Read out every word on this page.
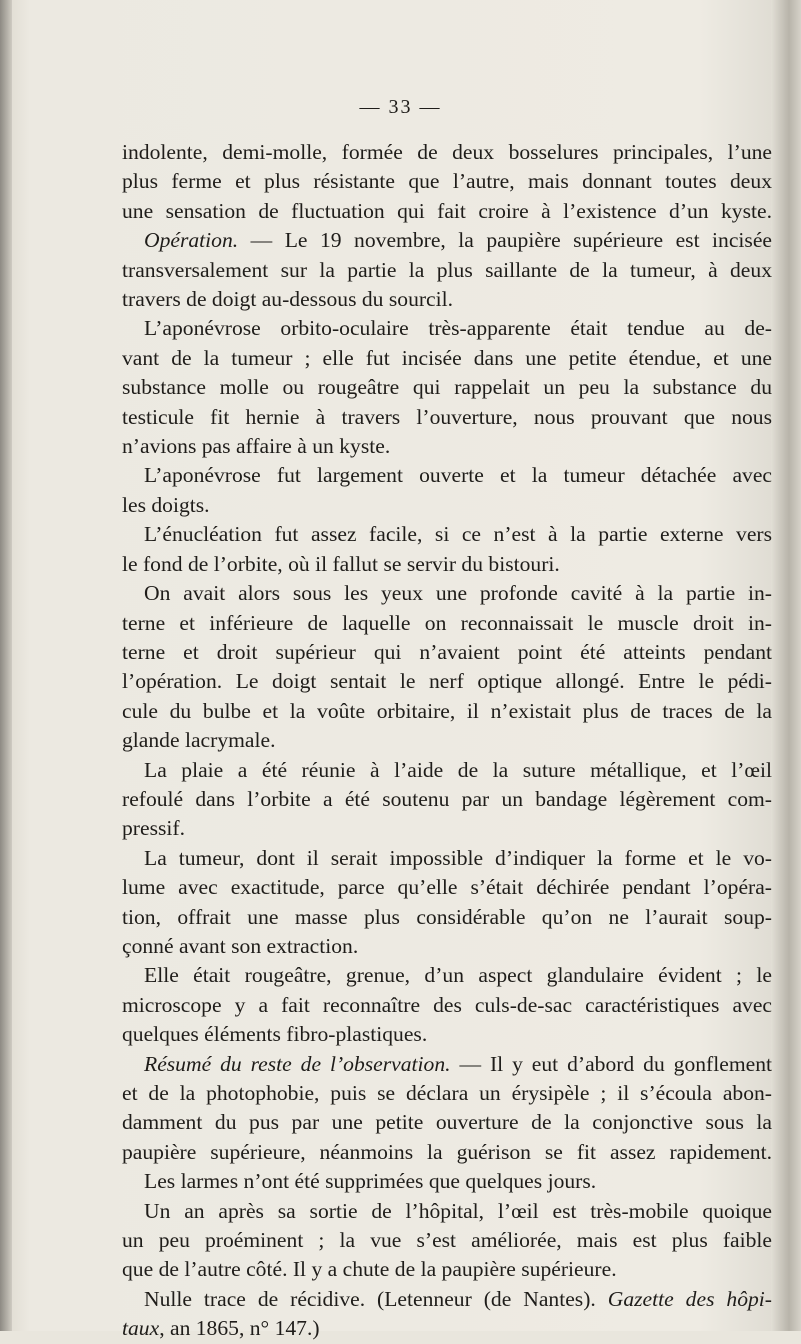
— 33 —
indolente, demi-molle, formée de deux bosselures principales, l’une
plus ferme et plus résistante que l’autre, mais donnant toutes deux
une sensation de fluctuation qui fait croire à l’existence d’un kyste.
Opération. — Le 19 novembre, la paupière supérieure est incisée
transversalement sur la partie la plus saillante de la tumeur, à deux
travers de doigt au-dessous du sourcil.
L’aponévrose orbito-oculaire très-apparente était tendue au de-
vant de la tumeur ; elle fut incisée dans une petite étendue, et une
substance molle ou rougeâtre qui rappelait un peu la substance du
testicule fit hernie à travers l’ouverture, nous prouvant que nous
n’avions pas affaire à un kyste.
L’aponévrose fut largement ouverte et la tumeur détachée avec
les doigts.
L’énucléation fut assez facile, si ce n’est à la partie externe vers
le fond de l’orbite, où il fallut se servir du bistouri.
On avait alors sous les yeux une profonde cavité à la partie in-
terne et inférieure de laquelle on reconnaissait le muscle droit in-
terne et droit supérieur qui n’avaient point été atteints pendant
l’opération. Le doigt sentait le nerf optique allongé. Entre le pédi-
cule du bulbe et la voûte orbitaire, il n’existait plus de traces de la
glande lacrymale.
La plaie a été réunie à l’aide de la suture métallique, et l’œil
refoulé dans l’orbite a été soutenu par un bandage légèrement com-
pressif.
La tumeur, dont il serait impossible d’indiquer la forme et le vo-
lume avec exactitude, parce qu’elle s’était déchirée pendant l’opéra-
tion, offrait une masse plus considérable qu’on ne l’aurait soup-
çonné avant son extraction.
Elle était rougeâtre, grenue, d’un aspect glandulaire évident ; le
microscope y a fait reconnaître des culs-de-sac caractéristiques avec
quelques éléments fibro-plastiques.
Résumé du reste de l’observation. — Il y eut d’abord du gonflement
et de la photophobie, puis se déclara un érysipèle ; il s’écoula abon-
damment du pus par une petite ouverture de la conjonctive sous la
paupière supérieure, néanmoins la guérison se fit assez rapidement.
Les larmes n’ont été supprimées que quelques jours.
Un an après sa sortie de l’hôpital, l’œil est très-mobile quoique
un peu proéminent ; la vue s’est améliorée, mais est plus faible
que de l’autre côté. Il y a chute de la paupière supérieure.
Nulle trace de récidive. (Letenneur (de Nantes). Gazette des hôpi-
taux, an 1865, n° 147.)
